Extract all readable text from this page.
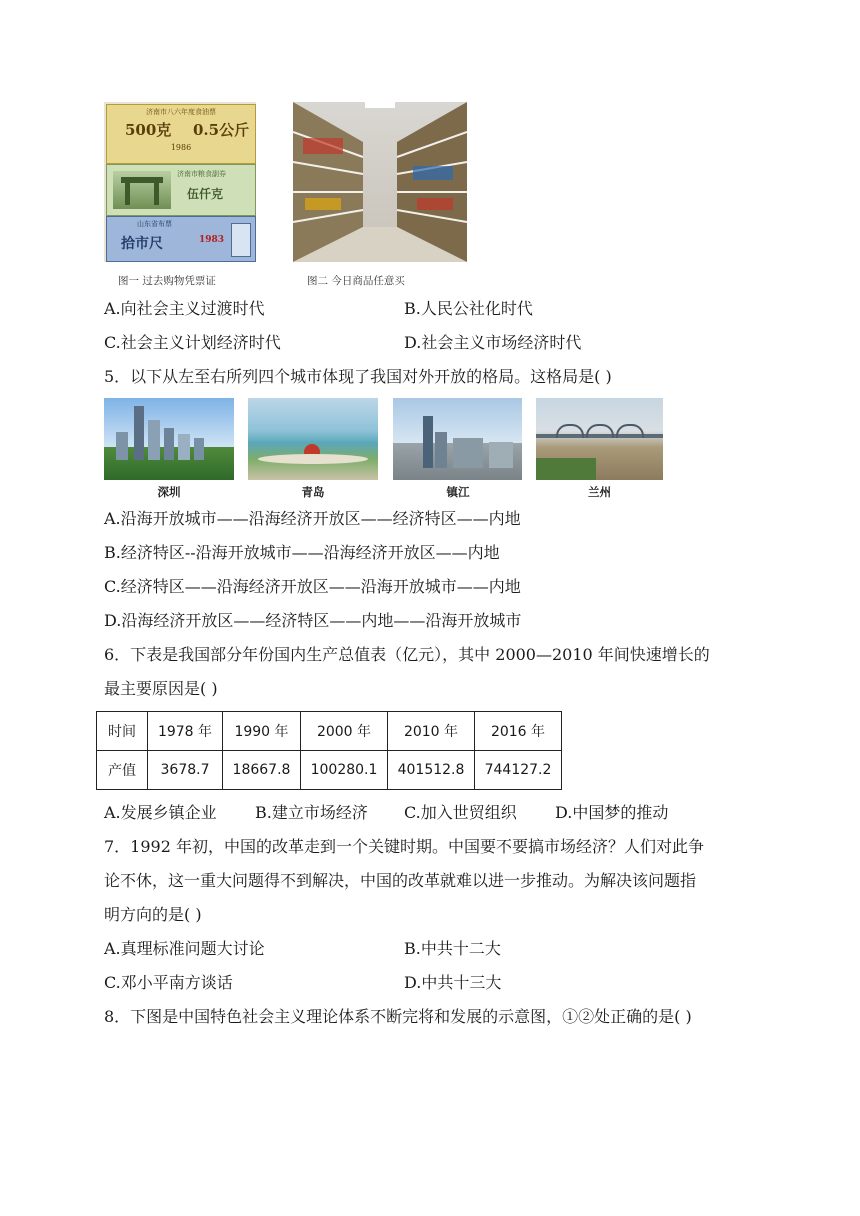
济南市八六年度食油票
500克 0.5公斤
1986
济南市粮食副券
伍仟克
山东省布票
拾市尺	1983
图一 过去购物凭票证	图二 今日商品任意买
A.向社会主义过渡时代	B.人民公社化时代
C.社会主义计划经济时代	D.社会主义市场经济时代
5．以下从左至右所列四个城市体现了我国对外开放的格局。这格局是( )
深圳	青岛	镇江	兰州
A.沿海开放城市——沿海经济开放区——经济特区——内地
B.经济特区--沿海开放城市——沿海经济开放区——内地
C.经济特区——沿海经济开放区——沿海开放城市——内地
D.沿海经济开放区——经济特区——内地——沿海开放城市
6．下表是我国部分年份国内生产总值表（亿元），其中 2000—2010 年间快速增长的
最主要原因是( )
时间	1978 年	1990 年	2000 年	2010 年	2016 年
产值	3678.7	18667.8	100280.1	401512.8	744127.2
A.发展乡镇企业 B.建立市场经济 C.加入世贸组织 D.中国梦的推动
7．1992 年初，中国的改革走到一个关键时期。中国要不要搞市场经济？人们对此争
论不休，这一重大问题得不到解决，中国的改革就难以进一步推动。为解决该问题指
明方向的是( )
A.真理标准问题大讨论	B.中共十二大
C.邓小平南方谈话	D.中共十三大
8．下图是中国特色社会主义理论体系不断完将和发展的示意图，①②处正确的是( )
